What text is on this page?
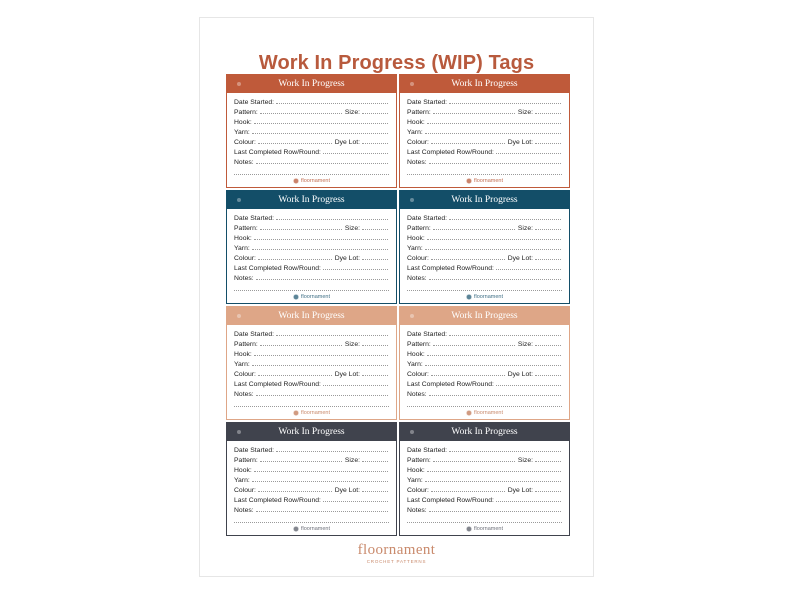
Work In Progress (WIP) Tags
Work In Progress
Date Started:
Pattern:	Size:
Hook:
Yarn:
Colour:	Dye Lot:
Last Completed Row/Round:
Notes:
floornament
Work In Progress
Date Started:
Pattern:	Size:
Hook:
Yarn:
Colour:	Dye Lot:
Last Completed Row/Round:
Notes:
floornament
Work In Progress
Date Started:
Pattern:	Size:
Hook:
Yarn:
Colour:	Dye Lot:
Last Completed Row/Round:
Notes:
floornament
Work In Progress
Date Started:
Pattern:	Size:
Hook:
Yarn:
Colour:	Dye Lot:
Last Completed Row/Round:
Notes:
floornament
Work In Progress
Date Started:
Pattern:	Size:
Hook:
Yarn:
Colour:	Dye Lot:
Last Completed Row/Round:
Notes:
floornament
Work In Progress
Date Started:
Pattern:	Size:
Hook:
Yarn:
Colour:	Dye Lot:
Last Completed Row/Round:
Notes:
floornament
Work In Progress
Date Started:
Pattern:	Size:
Hook:
Yarn:
Colour:	Dye Lot:
Last Completed Row/Round:
Notes:
floornament
Work In Progress
Date Started:
Pattern:	Size:
Hook:
Yarn:
Colour:	Dye Lot:
Last Completed Row/Round:
Notes:
floornament
floornament
CROCHET PATTERNS
